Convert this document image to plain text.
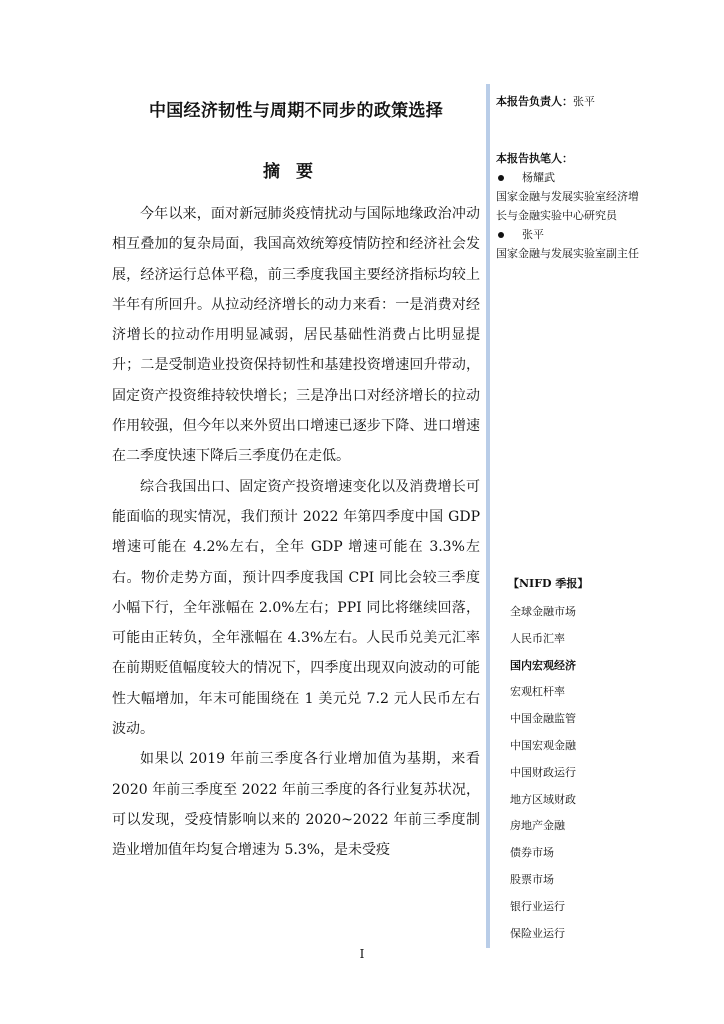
中国经济韧性与周期不同步的政策选择
摘要

今年以来，面对新冠肺炎疫情扰动与国际地缘政治冲动相互叠加的复杂局面，我国高效统筹疫情防控和经济社会发展，经济运行总体平稳，前三季度我国主要经济指标均较上半年有所回升。从拉动经济增长的动力来看：一是消费对经济增长的拉动作用明显减弱，居民基础性消费占比明显提升；二是受制造业投资保持韧性和基建投资增速回升带动，固定资产投资维持较快增长；三是净出口对经济增长的拉动作用较强，但今年以来外贸出口增速已逐步下降、进口增速在二季度快速下降后三季度仍在走低。

综合我国出口、固定资产投资增速变化以及消费增长可能面临的现实情况，我们预计 2022 年第四季度中国 GDP 增速可能在 4.2%左右，全年 GDP 增速可能在 3.3%左右。物价走势方面，预计四季度我国 CPI 同比会较三季度小幅下行，全年涨幅在 2.0%左右；PPI 同比将继续回落，可能由正转负，全年涨幅在 4.3%左右。人民币兑美元汇率在前期贬值幅度较大的情况下，四季度出现双向波动的可能性大幅增加，年末可能围绕在 1 美元兑 7.2 元人民币左右波动。

如果以 2019 年前三季度各行业增加值为基期，来看 2020 年前三季度至 2022 年前三季度的各行业复苏状况，可以发现，受疫情影响以来的 2020~2022 年前三季度制造业增加值年均复合增速为 5.3%，是未受疫

本报告负责人：张平
本报告执笔人：
杨耀武
国家金融与发展实验室经济增长与金融实验中心研究员
张平
国家金融与发展实验室副主任
【NIFD 季报】
全球金融市场
人民币汇率
国内宏观经济
宏观杠杆率
中国金融监管
中国宏观金融
中国财政运行
地方区域财政
房地产金融
债券市场
股票市场
银行业运行
保险业运行
I
